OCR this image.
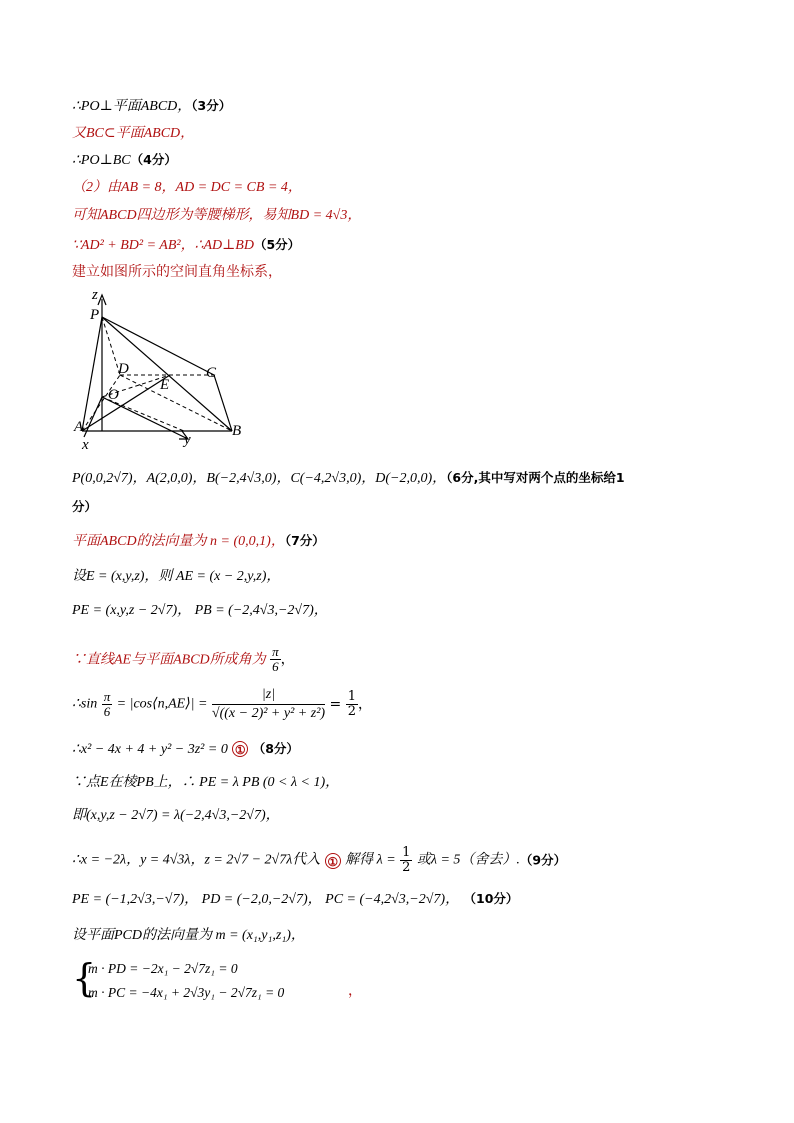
∴PO⊥平面ABCD，（3分）
又BC⊂平面ABCD，
∴PO⊥BC（4分）
（2）由AB = 8，AD = DC = CB = 4，
可知ABCD四边形为等腰梯形，易知BD = 4√3，
∵AD² + BD² = AB²，∴AD⊥BD（5分）
建立如图所示的空间直角坐标系，
z
P
D	C
E
O
A	B
x	y
P(0,0,2√7)，A(2,0,0)，B(−2,4√3,0)，C(−4,2√3,0)，D(−2,0,0)，（6分,其中写对两个点的坐标给1
分）
平面ABCD的法向量为 n = (0,0,1)，（7分）
设E = (x,y,z)，则 AE = (x − 2,y,z)，
PE = (x,y,z − 2√7)， PB = (−2,4√3,−2√7)，
∵直线AE与平面ABCD所成角为 $\frac{\pi}{6}$ ，
∴sin $\frac{\pi}{6}$ = |cos⟨n,AE⟩| = $\frac{|z|}{\text{√((x − 2)² + y² + z²)}} = \frac{1}{2}$ ，
∴x² − 4x + 4 + y² − 3z² = 0 ① （8分）
∵点E在棱PB上，∴ PE = λ PB (0 < λ < 1)，
即(x,y,z − 2√7) = λ(−2,4√3,−2√7)，
∴x = −2λ，y = 4√3λ，z = 2√7 − 2√7λ代入 ① 解得 $\lambda = \frac{1}{2}$ 或λ = 5（舍去）.（9分）
PE = (−1,2√3,−√7)， PD = (−2,0,−2√7)， PC = (−4,2√3,−2√7)， （10分）
设平面PCD的法向量为 m = (x₁,y₁,z₁)，
{
m · PD = −2x₁ − 2√7z₁ = 0
m · PC = −4x₁ + 2√3y₁ − 2√7z₁ = 0	，
